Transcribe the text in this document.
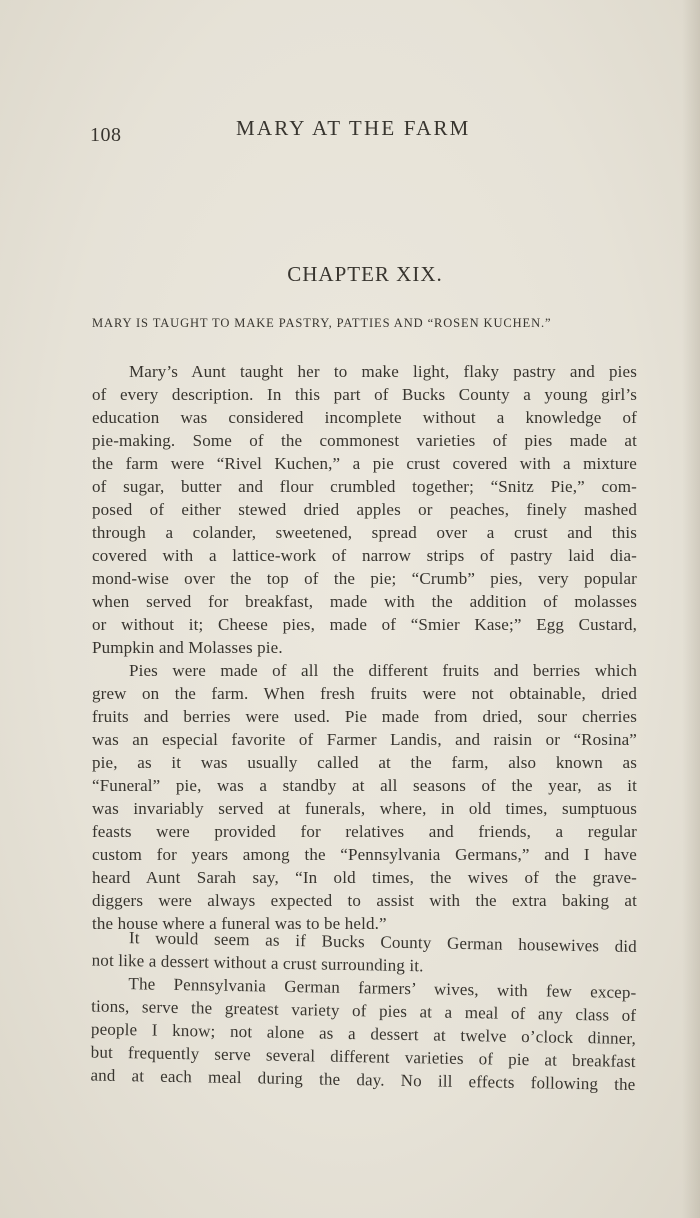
108	MARY AT THE FARM
CHAPTER XIX.
MARY IS TAUGHT TO MAKE PASTRY, PATTIES AND “ROSEN KUCHEN.”
Mary’s Aunt taught her to make light, flaky pastry and pies
of every description. In this part of Bucks County a young girl’s
education was considered incomplete without a knowledge of
pie-making. Some of the commonest varieties of pies made at
the farm were “Rivel Kuchen,” a pie crust covered with a mixture
of sugar, butter and flour crumbled together; “Snitz Pie,” com-
posed of either stewed dried apples or peaches, finely mashed
through a colander, sweetened, spread over a crust and this
covered with a lattice-work of narrow strips of pastry laid dia-
mond-wise over the top of the pie; “Crumb” pies, very popular
when served for breakfast, made with the addition of molasses
or without it; Cheese pies, made of “Smier Kase;” Egg Custard,
Pumpkin and Molasses pie.
Pies were made of all the different fruits and berries which
grew on the farm. When fresh fruits were not obtainable, dried
fruits and berries were used. Pie made from dried, sour cherries
was an especial favorite of Farmer Landis, and raisin or “Rosina”
pie, as it was usually called at the farm, also known as
“Funeral” pie, was a standby at all seasons of the year, as it
was invariably served at funerals, where, in old times, sumptuous
feasts were provided for relatives and friends, a regular
custom for years among the “Pennsylvania Germans,” and I have
heard Aunt Sarah say, “In old times, the wives of the grave-
diggers were always expected to assist with the extra baking at
the house where a funeral was to be held.”
It would seem as if Bucks County German housewives did
not like a dessert without a crust surrounding it.
The Pennsylvania German farmers’ wives, with few excep-
tions, serve the greatest variety of pies at a meal of any class of
people I know; not alone as a dessert at twelve o’clock dinner,
but frequently serve several different varieties of pie at breakfast
and at each meal during the day. No ill effects following the
